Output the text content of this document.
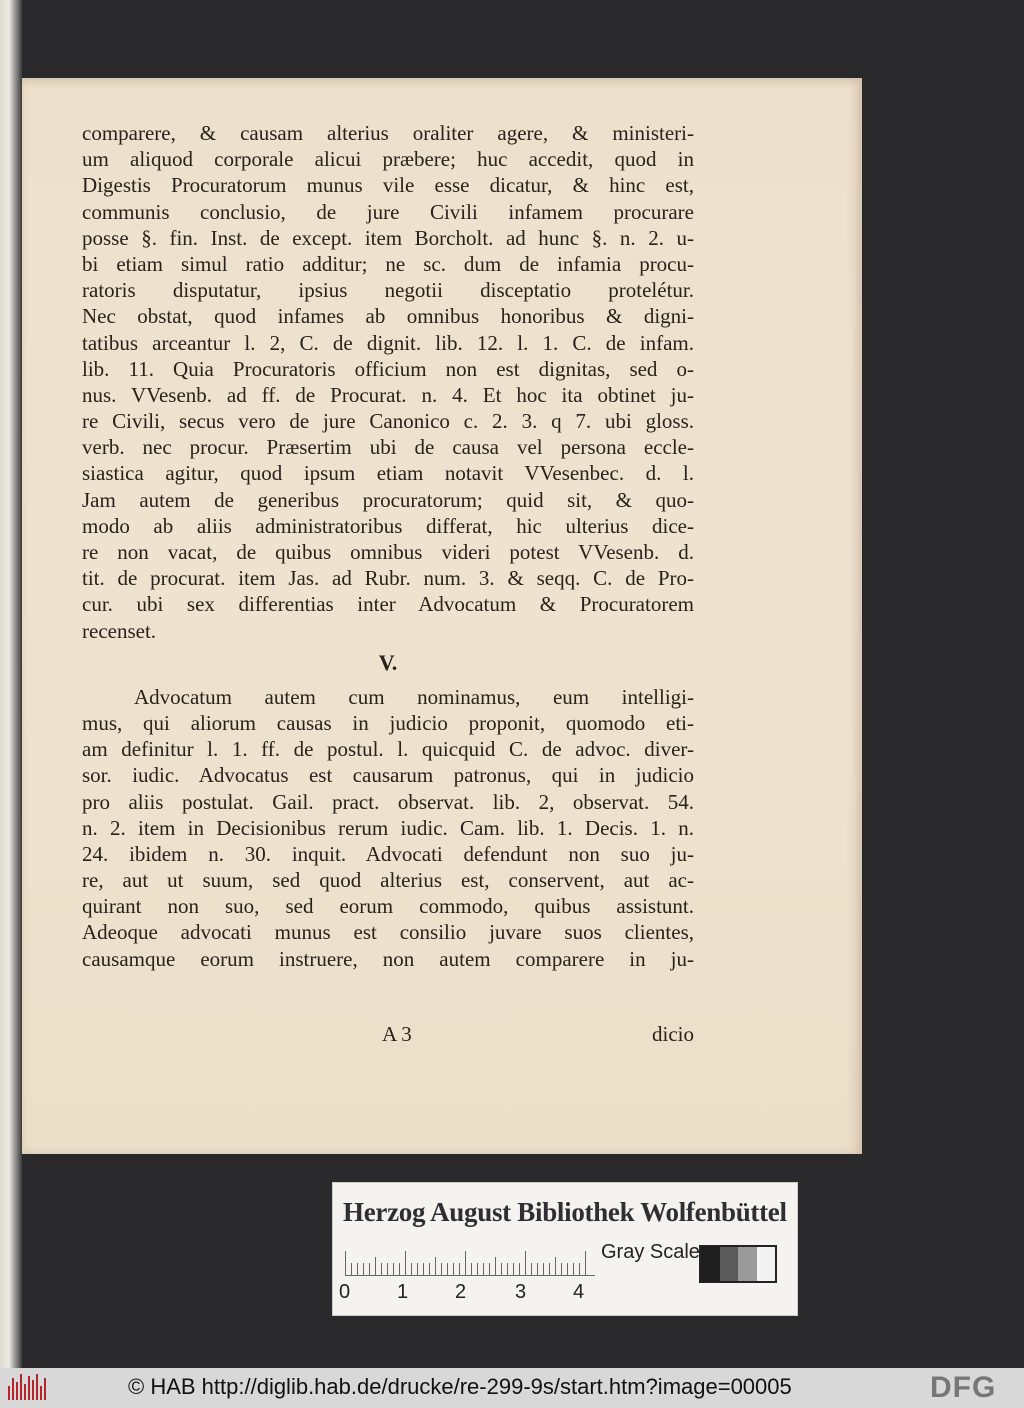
comparere, & causam alterius oraliter agere, & ministeri-
um aliquod corporale alicui præbere; huc accedit, quod in
Digestis Procuratorum munus vile esse dicatur, & hinc est,
communis conclusio, de jure Civili infamem procurare
posse §. fin. Inst. de except. item Borcholt. ad hunc §. n. 2. u-
bi etiam simul ratio additur; ne sc. dum de infamia procu-
ratoris disputatur, ipsius negotii disceptatio protelétur.
Nec obstat, quod infames ab omnibus honoribus & digni-
tatibus arceantur l. 2, C. de dignit. lib. 12. l. 1. C. de infam.
lib. 11. Quia Procuratoris officium non est dignitas, sed o-
nus. VVesenb. ad ff. de Procurat. n. 4. Et hoc ita obtinet ju-
re Civili, secus vero de jure Canonico c. 2. 3. q 7. ubi gloss.
verb. nec procur. Præsertim ubi de causa vel persona eccle-
siastica agitur, quod ipsum etiam notavit VVesenbec. d. l.
Jam autem de generibus procuratorum; quid sit, & quo-
modo ab aliis administratoribus differat, hic ulterius dice-
re non vacat, de quibus omnibus videri potest VVesenb. d.
tit. de procurat. item Jas. ad Rubr. num. 3. & seqq. C. de Pro-
cur. ubi sex differentias inter Advocatum & Procuratorem
recenset.
V.
Advocatum autem cum nominamus, eum intelligi-
mus, qui aliorum causas in judicio proponit, quomodo eti-
am definitur l. 1. ff. de postul. l. quicquid C. de advoc. diver-
sor. iudic. Advocatus est causarum patronus, qui in judicio
pro aliis postulat. Gail. pract. observat. lib. 2, observat. 54.
n. 2. item in Decisionibus rerum iudic. Cam. lib. 1. Decis. 1. n.
24. ibidem n. 30. inquit. Advocati defendunt non suo ju-
re, aut ut suum, sed quod alterius est, conservent, aut ac-
quirant non suo, sed eorum commodo, quibus assistunt.
Adeoque advocati munus est consilio juvare suos clientes,
causamque eorum instruere, non autem comparere in ju-
A 3	dicio
Herzog August Bibliothek Wolfenbüttel
0 1 2 3 4
Gray Scale
© HAB http://diglib.hab.de/drucke/re-299-9s/start.htm?image=00005	DFG
